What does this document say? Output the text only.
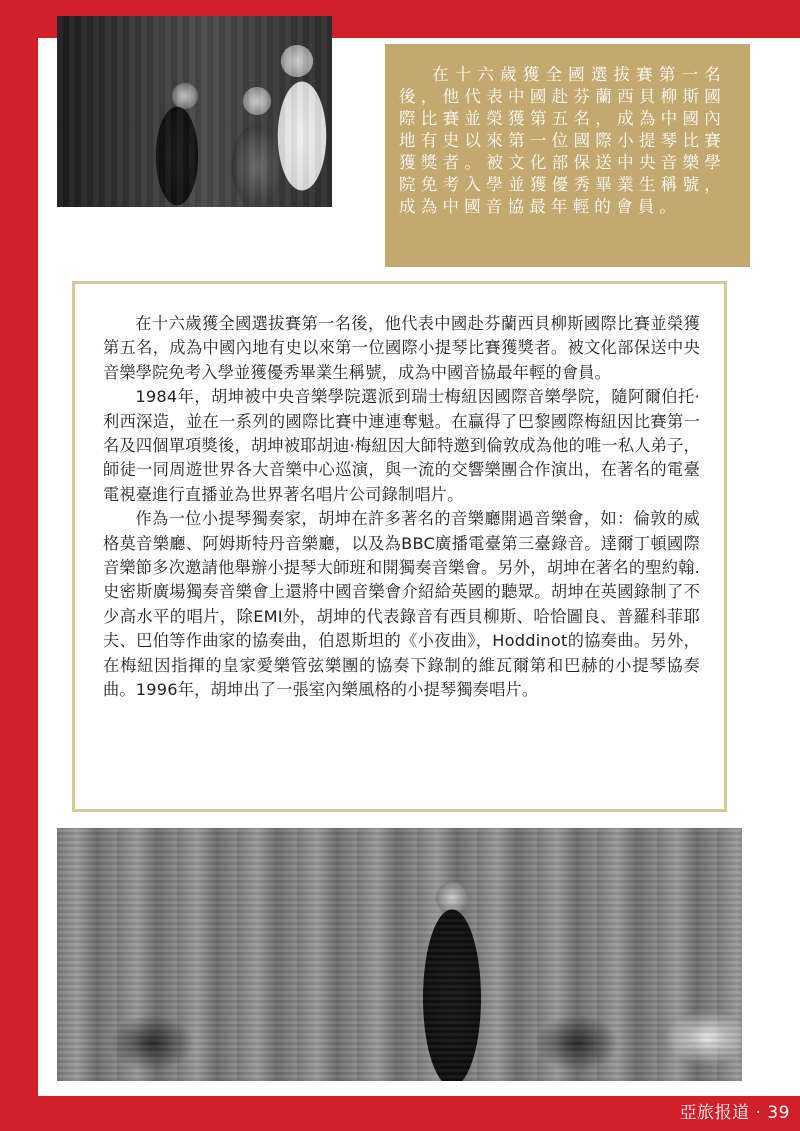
在十六歲獲全國選拔賽第一名後，他代表中國赴芬蘭西貝柳斯國際比賽並榮獲第五名，成為中國內地有史以來第一位國際小提琴比賽獲獎者。被文化部保送中央音樂學院免考入學並獲優秀畢業生稱號，成為中國音協最年輕的會員。

在十六歲獲全國選拔賽第一名後，他代表中國赴芬蘭西貝柳斯國際比賽並榮獲第五名，成為中國內地有史以來第一位國際小提琴比賽獲獎者。被文化部保送中央音樂學院免考入學並獲優秀畢業生稱號，成為中國音協最年輕的會員。

1984年，胡坤被中央音樂學院選派到瑞士梅紐因國際音樂學院，隨阿爾伯托·利西深造，並在一系列的國際比賽中連連奪魁。在贏得了巴黎國際梅紐因比賽第一名及四個單項獎後，胡坤被耶胡迪·梅紐因大師特邀到倫敦成為他的唯一私人弟子，師徒一同周遊世界各大音樂中心巡演，與一流的交響樂團合作演出，在著名的電臺電視臺進行直播並為世界著名唱片公司錄制唱片。

作為一位小提琴獨奏家，胡坤在許多著名的音樂廳開過音樂會，如：倫敦的威格莫音樂廳、阿姆斯特丹音樂廳，以及為BBC廣播電臺第三臺錄音。達爾丁頓國際音樂節多次邀請他舉辦小提琴大師班和開獨奏音樂會。另外，胡坤在著名的聖約翰.史密斯廣場獨奏音樂會上還將中國音樂會介紹給英國的聽眾。胡坤在英國錄制了不少高水平的唱片，除EMI外，胡坤的代表錄音有西貝柳斯、哈恰圖良、普羅科菲耶夫、巴伯等作曲家的協奏曲，伯恩斯坦的《小夜曲》，Hoddinot的協奏曲。另外，在梅紐因指揮的皇家愛樂管弦樂團的協奏下錄制的維瓦爾第和巴赫的小提琴協奏曲。1996年，胡坤出了一張室內樂風格的小提琴獨奏唱片。

亞旅报道 · 39
